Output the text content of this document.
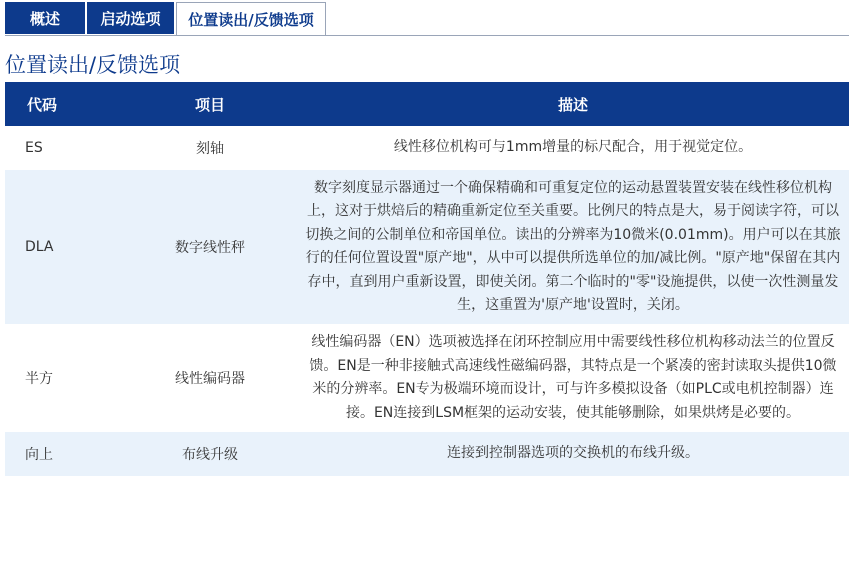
概述	启动选项	位置读出/反馈选项
位置读出/反馈选项
代码	项目	描述
ES	刻轴	线性移位机构可与1mm增量的标尺配合，用于视觉定位。
DLA	数字线性秤	数字刻度显示器通过一个确保精确和可重复定位的运动悬置装置安装在线性移位机构上，这对于烘焙后的精确重新定位至关重要。比例尺的特点是大，易于阅读字符，可以切换之间的公制单位和帝国单位。读出的分辨率为10微米(0.01mm)。用户可以在其旅行的任何位置设置"原产地"，从中可以提供所选单位的加/减比例。"原产地"保留在其内存中，直到用户重新设置，即使关闭。第二个临时的"零"设施提供，以使一次性测量发生，这重置为'原产地'设置时，关闭。
半方	线性编码器	线性编码器（EN）选项被选择在闭环控制应用中需要线性移位机构移动法兰的位置反馈。EN是一种非接触式高速线性磁编码器，其特点是一个紧凑的密封读取头提供10微米的分辨率。EN专为极端环境而设计，可与许多模拟设备（如PLC或电机控制器）连接。EN连接到LSM框架的运动安装，使其能够删除，如果烘烤是必要的。
向上	布线升级	连接到控制器选项的交换机的布线升级。
